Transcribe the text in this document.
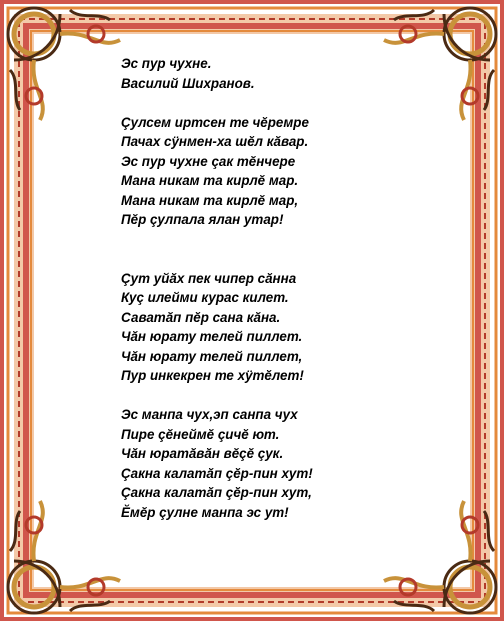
Эс пур чухне.
Василий Шихранов.
Çулсем иртсен те чĕремре
Пачах сÿнмен-ха шĕл кăвар.
Эс пур чухне çак тĕнчере
Мана никам та кирлĕ мар.
Мана никам та кирлĕ мар,
Пĕр çулпала ялан утар!
Çут уйăх пек чипер сăнна
Куç илейми курас килет.
Саватăп пĕр сана кăна.
Чăн юрату телей пиллет.
Чăн юрату телей пиллет,
Пур инкекрен те хÿтĕлет!
Эс манпа чух,эп санпа чух
Пире çĕнеймĕ çичĕ ют.
Чăн юратăвăн вĕçĕ çук.
Çакна калатăп çĕр-пин хут!
Çакна калатăп çĕр-пин хут,
Ĕмĕр çулне манпа эс ут!
